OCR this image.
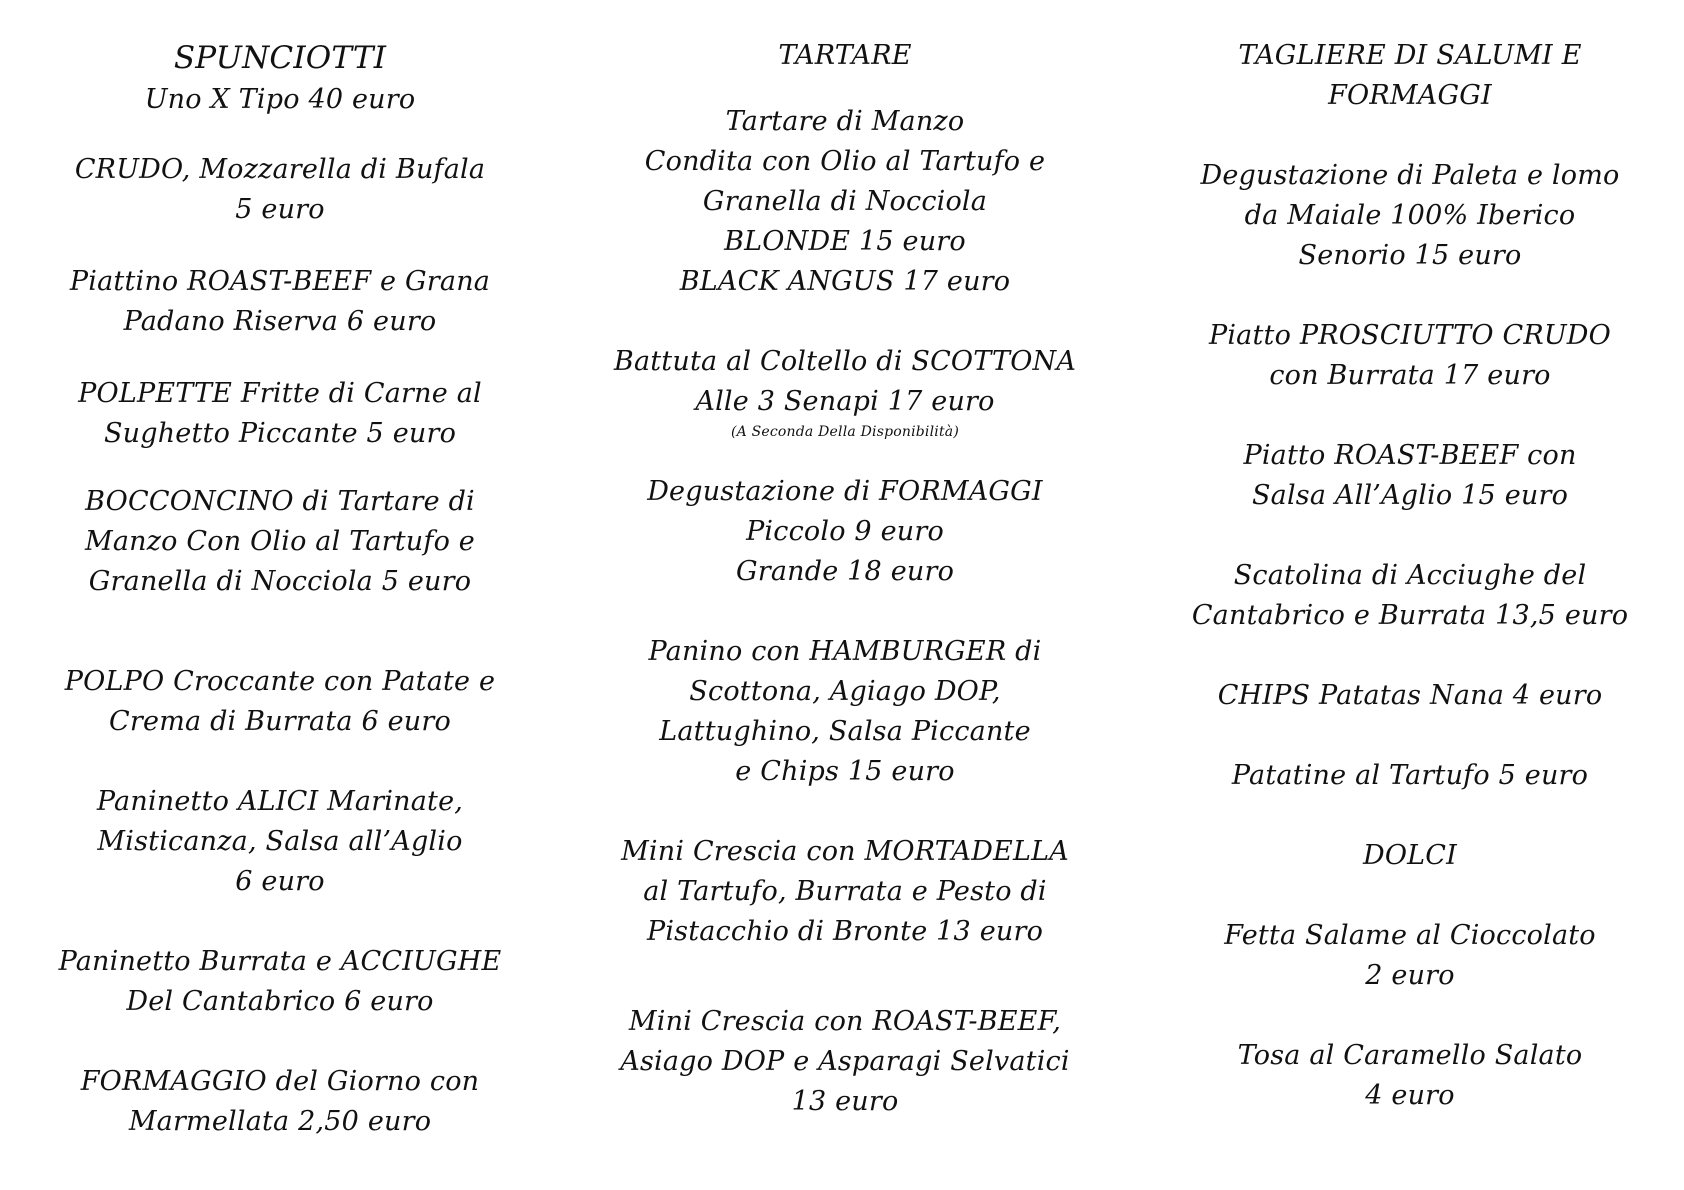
SPUNCIOTTI
Uno X Tipo 40 euro
CRUDO, Mozzarella di Bufala
5 euro
Piattino ROAST-BEEF e Grana
Padano Riserva 6 euro
POLPETTE Fritte di Carne al
Sughetto Piccante 5 euro
BOCCONCINO di Tartare di
Manzo Con Olio al Tartufo e
Granella di Nocciola 5 euro
POLPO Croccante con Patate e
Crema di Burrata 6 euro
Paninetto ALICI Marinate,
Misticanza, Salsa all’Aglio
6 euro
Paninetto Burrata e ACCIUGHE
Del Cantabrico 6 euro
FORMAGGIO del Giorno con
Marmellata 2,50 euro
TARTARE
Tartare di Manzo
Condita con Olio al Tartufo e
Granella di Nocciola
BLONDE 15 euro
BLACK ANGUS 17 euro
Battuta al Coltello di SCOTTONA
Alle 3 Senapi 17 euro
(A Seconda Della Disponibilità)
Degustazione di FORMAGGI
Piccolo 9 euro
Grande 18 euro
Panino con HAMBURGER di
Scottona, Agiago DOP,
Lattughino, Salsa Piccante
e Chips 15 euro
Mini Crescia con MORTADELLA
al Tartufo, Burrata e Pesto di
Pistacchio di Bronte 13 euro
Mini Crescia con ROAST-BEEF,
Asiago DOP e Asparagi Selvatici
13 euro
TAGLIERE DI SALUMI E
FORMAGGI
Degustazione di Paleta e lomo
da Maiale 100% Iberico
Senorio 15 euro
Piatto PROSCIUTTO CRUDO
con Burrata 17 euro
Piatto ROAST-BEEF con
Salsa All’Aglio 15 euro
Scatolina di Acciughe del
Cantabrico e Burrata 13,5 euro
CHIPS Patatas Nana 4 euro
Patatine al Tartufo 5 euro
DOLCI
Fetta Salame al Cioccolato
2 euro
Tosa al Caramello Salato
4 euro
